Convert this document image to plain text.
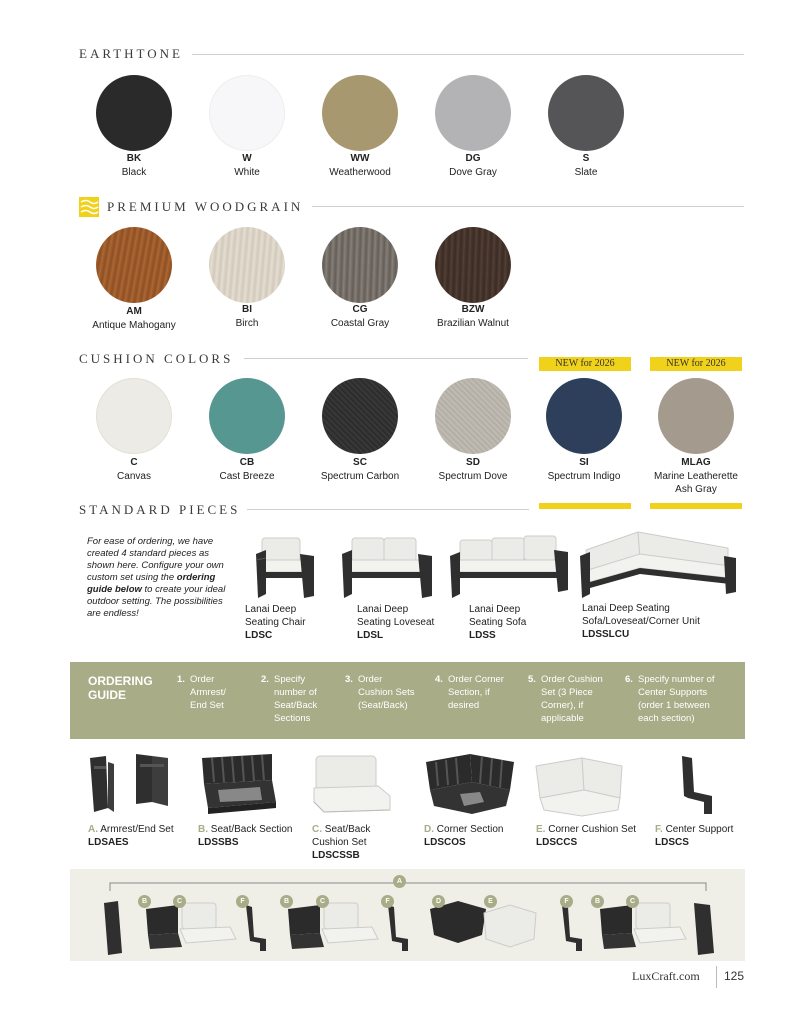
EARTHTONE
BK
Black
W
White
WW
Weatherwood
DG
Dove Gray
S
Slate
PREMIUM WOODGRAIN
AM
Antique Mahogany
BI
Birch
CG
Coastal Gray
BZW
Brazilian Walnut
CUSHION COLORS	NEW for 2026	NEW for 2026
C
Canvas
CB
Cast Breeze
SC
Spectrum Carbon
SD
Spectrum Dove
SI
Spectrum Indigo
MLAG
Marine Leatherette
Ash Gray
STANDARD PIECES
For ease of ordering, we have created 4 standard pieces as shown here. Configure your own custom set using the ordering guide below to create your ideal outdoor setting. The possibilities are endless!	Lanai Deep
Seating Chair
LDSC
Lanai Deep
Seating Loveseat
LDSL
Lanai Deep
Seating Sofa
LDSS
Lanai Deep Seating
Sofa/Loveseat/Corner Unit
LDSSLCU
ORDERING
GUIDE
1. Order
Armrest/
End Set
2. Specify
number of
Seat/Back
Sections
3. Order
Cushion Sets
(Seat/Back)
4. Order Corner
Section, if
desired
5. Order Cushion
Set (3 Piece
Corner), if
applicable
6. Specify number of
Center Supports
(order 1 between
each section)
A. Armrest/End Set
LDSAES
B. Seat/Back Section
LDSSBS
C. Seat/Back
Cushion Set
LDSCSSB
D. Corner Section
LDSCOS
E. Corner Cushion Set
LDSCCS
F. Center Support
LDSCS
A
B	C	F	B	C	F	D	E	F	B	C
LuxCraft.com 125
